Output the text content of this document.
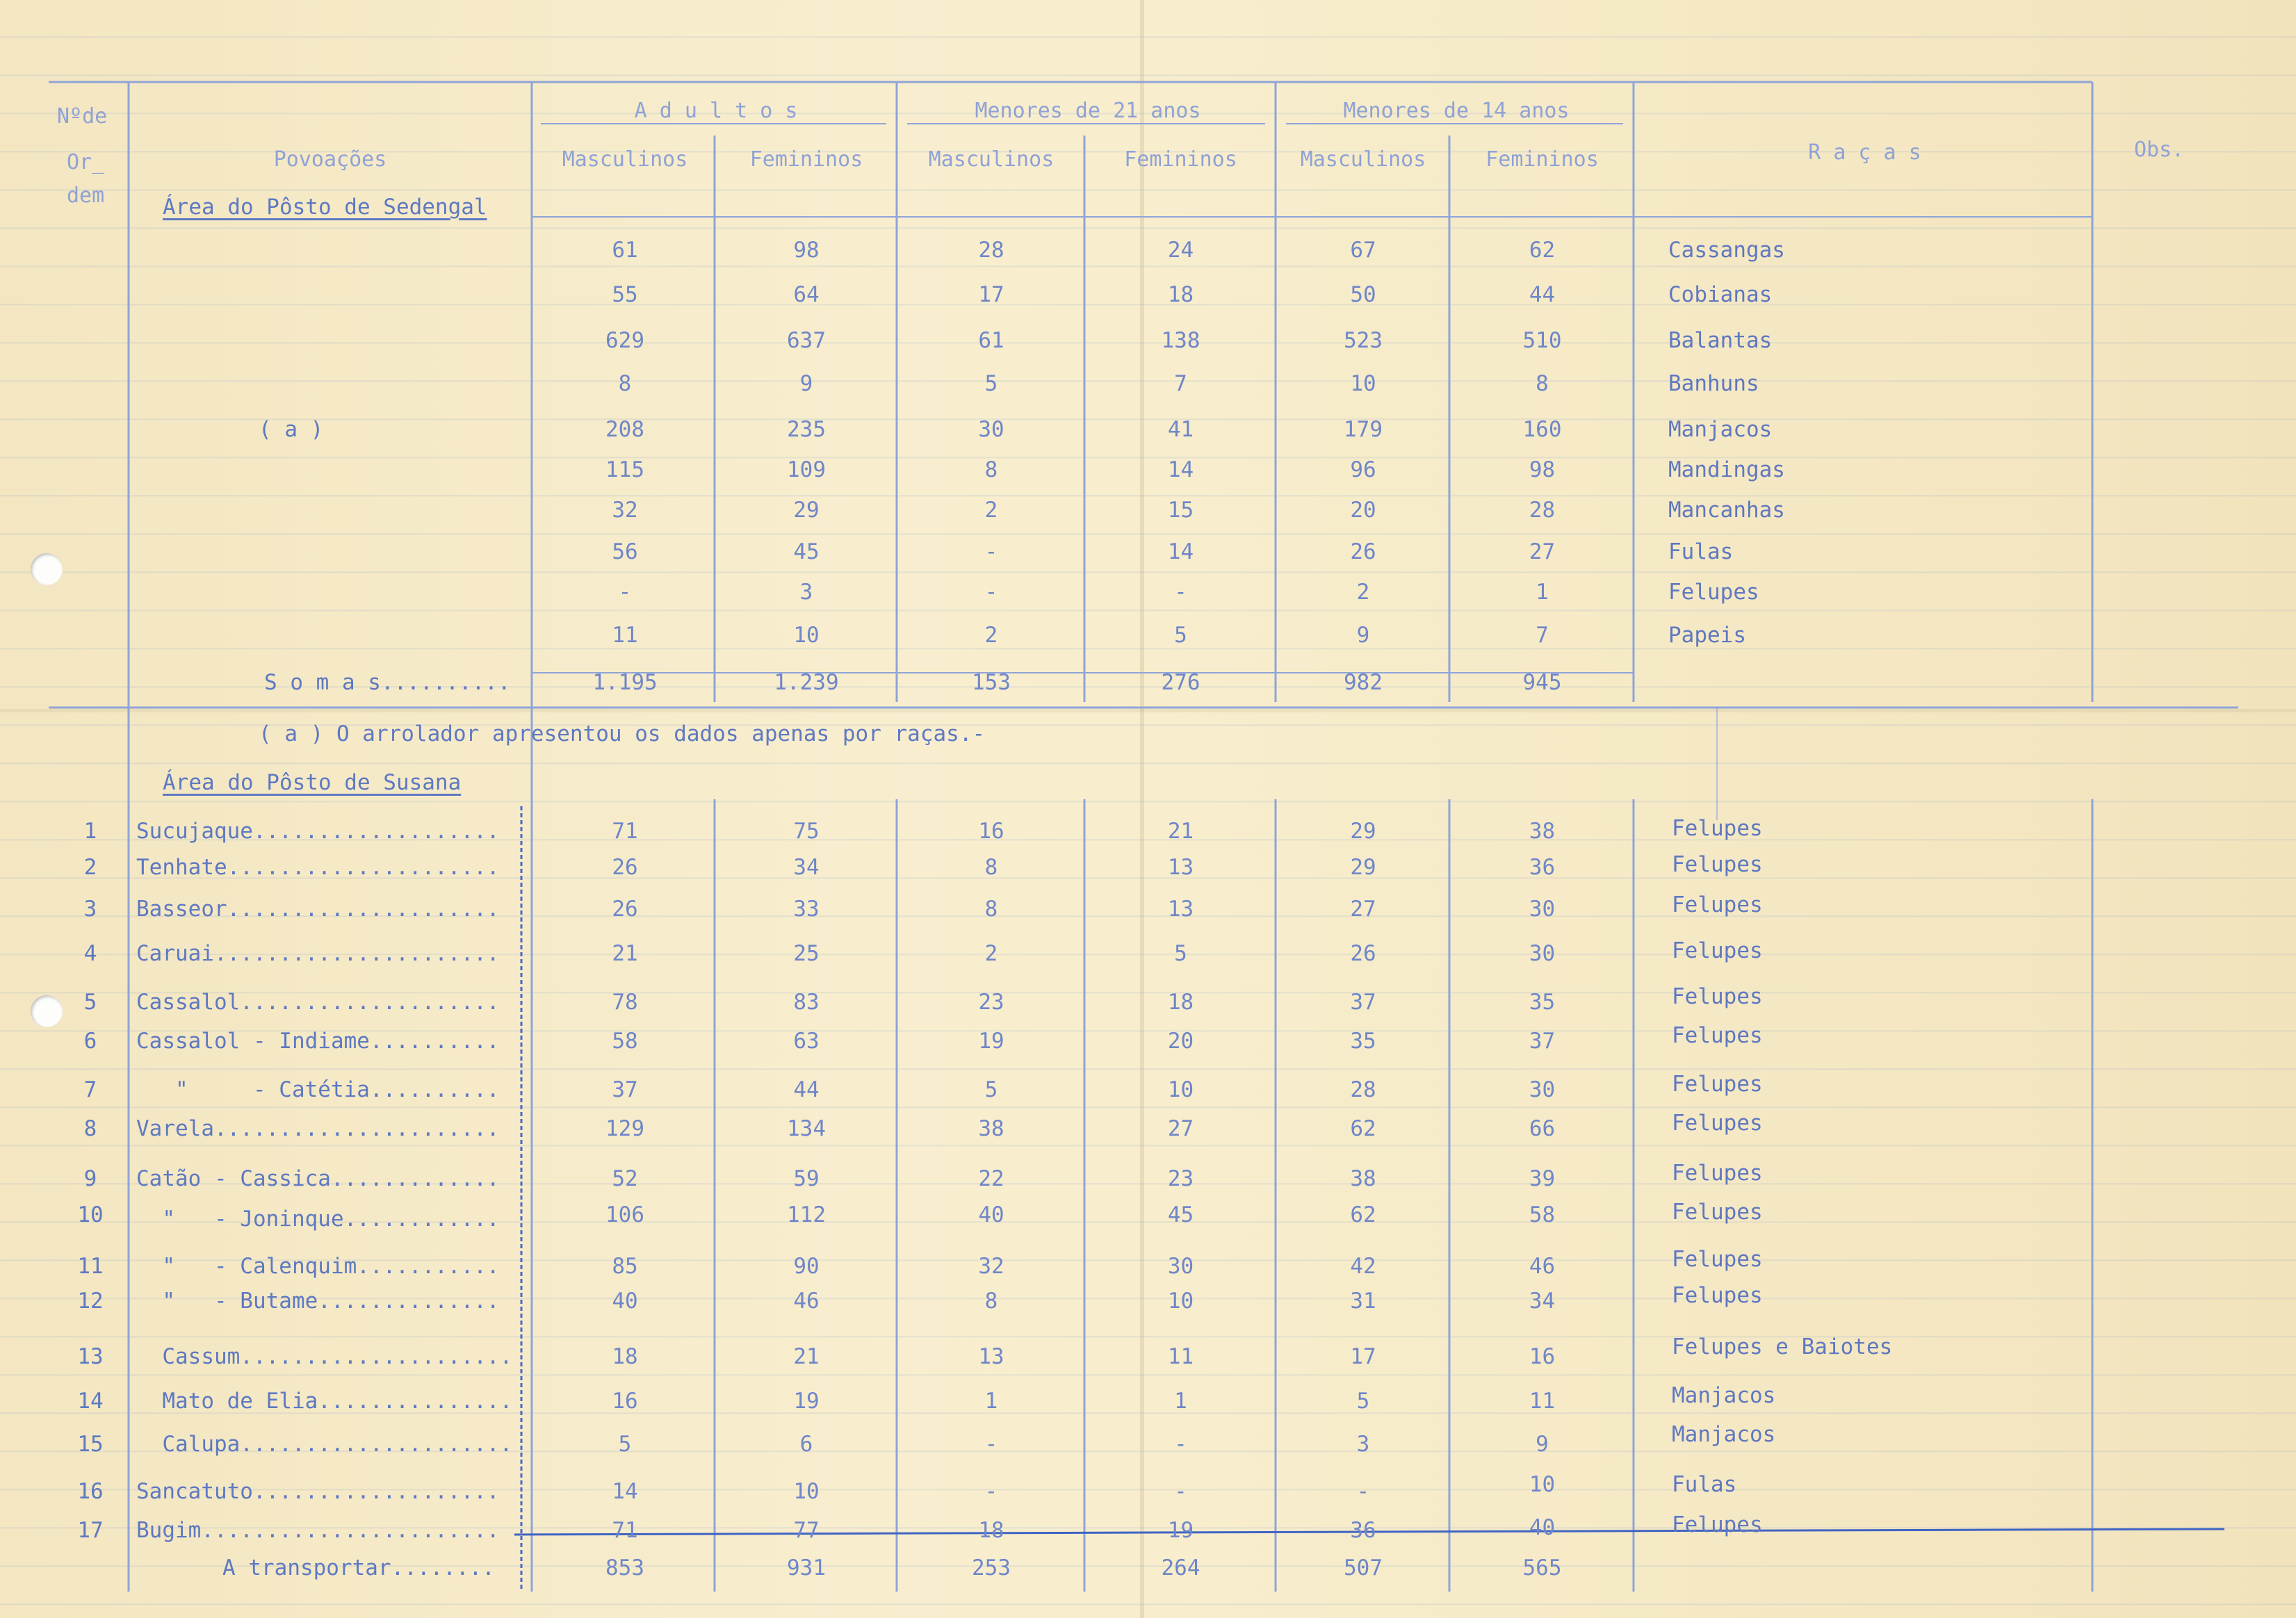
Nºde
Or_
dem
Povoações
A d u l t o s	Menores de 21 anos	Menores de 14 anos
Masculinos	Femininos	Masculinos	Femininos	Masculinos	Femininos	R a ç a s	Obs.
Área do Pôsto de Sedengal
( a )
61	98	28	24	67	62	Cassangas
55	64	17	18	50	44	Cobianas
629	637	61	138	523	510	Balantas
8	9	5	7	10	8	Banhuns
208	235	30	41	179	160	Manjacos
115	109	8	14	96	98	Mandingas
32	29	2	15	20	28	Mancanhas
56	45	-	14	26	27	Fulas
-	3	-	-	2	1	Felupes
11	10	2	5	9	7	Papeis
S o m a s..........	1.195	1.239	153	276	982	945
( a ) O arrolador apresentou os dados apenas por raças.-
Área do Pôsto de Susana
1	Sucujaque...................	71	75	16	21	29	38	Felupes
2	Tenhate.....................	26	34	8	13	29	36	Felupes
3	Basseor.....................	26	33	8	13	27	30	Felupes
4	Caruai......................	21	25	2	5	26	30	Felupes
5	Cassalol....................	78	83	23	18	37	35	Felupes
6	Cassalol - Indiame..........	58	63	19	20	35	37	Felupes
7	"     - Catétia..........	37	44	5	10	28	30	Felupes
8	Varela......................	129	134	38	27	62	66	Felupes
9	Catão - Cassica.............	52	59	22	23	38	39	Felupes
10	"   - Joninque............	106	112	40	45	62	58	Felupes
11	"   - Calenquim...........	85	90	32	30	42	46	Felupes
12	"   - Butame..............	40	46	8	10	31	34	Felupes
13	Cassum.....................	18	21	13	11	17	16	Felupes e Baiotes
14	Mato de Elia...............	16	19	1	1	5	11	Manjacos
15	Calupa.....................	5	6	-	-	3	9	Manjacos
16	Sancatuto...................	14	10	-	-	-	10	Fulas
17	Bugim.......................	71	77	18	19	36	40	Felupes
A transportar........	853	931	253	264	507	565
